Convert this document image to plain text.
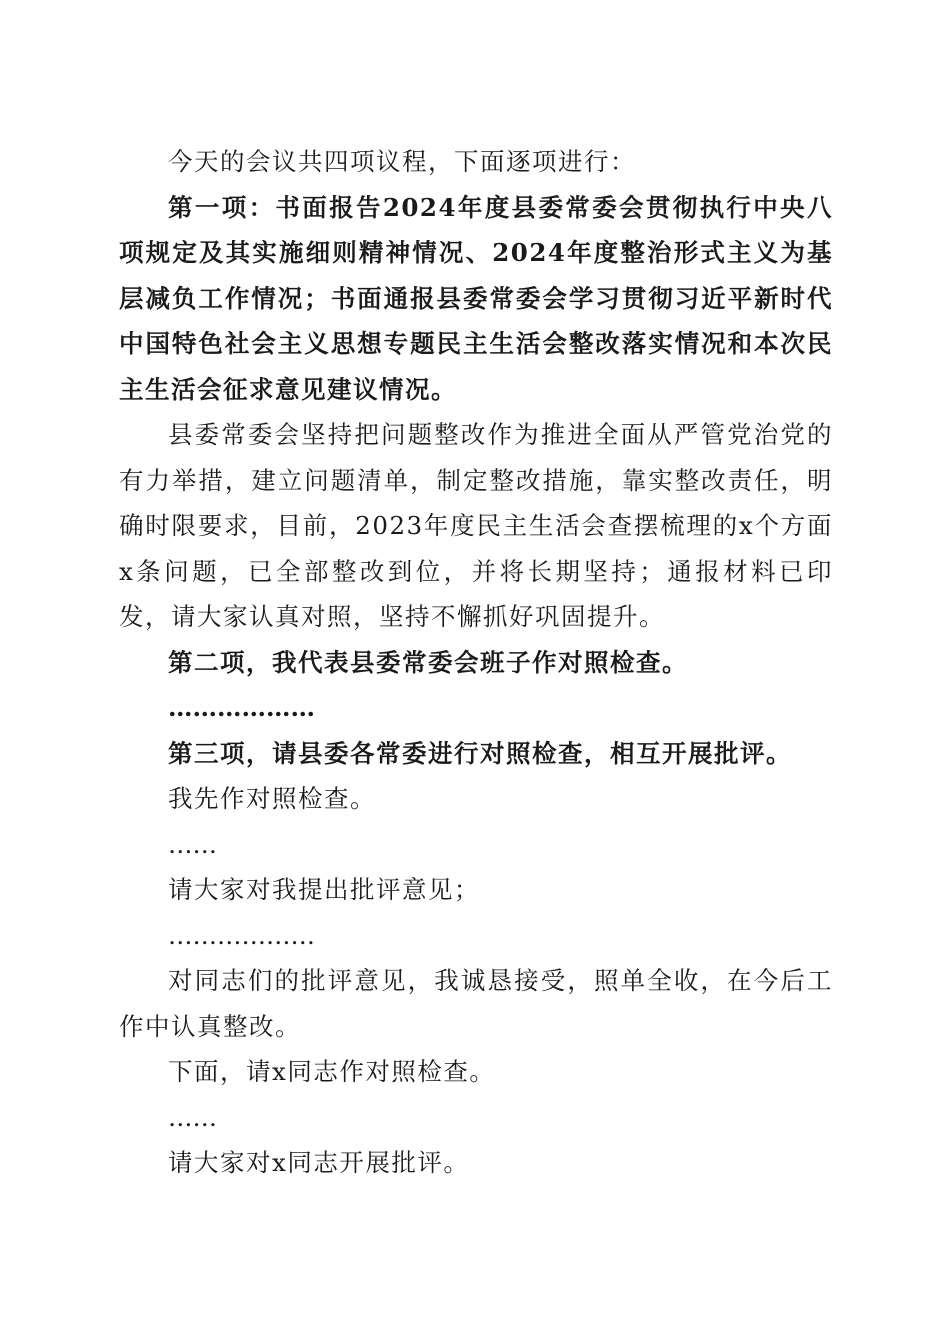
今天的会议共四项议程，下面逐项进行：

第一项：书面报告2024年度县委常委会贯彻执行中央八项规定及其实施细则精神情况、2024年度整治形式主义为基层减负工作情况；书面通报县委常委会学习贯彻习近平新时代中国特色社会主义思想专题民主生活会整改落实情况和本次民主生活会征求意见建议情况。

县委常委会坚持把问题整改作为推进全面从严管党治党的有力举措，建立问题清单，制定整改措施，靠实整改责任，明确时限要求，目前，2023年度民主生活会查摆梳理的x个方面x条问题，已全部整改到位，并将长期坚持；通报材料已印发，请大家认真对照，坚持不懈抓好巩固提升。

第二项，我代表县委常委会班子作对照检查。

………………

第三项，请县委各常委进行对照检查，相互开展批评。

我先作对照检查。

……

请大家对我提出批评意见；

………………

对同志们的批评意见，我诚恳接受，照单全收，在今后工作中认真整改。

下面，请x同志作对照检查。

……

请大家对x同志开展批评。
